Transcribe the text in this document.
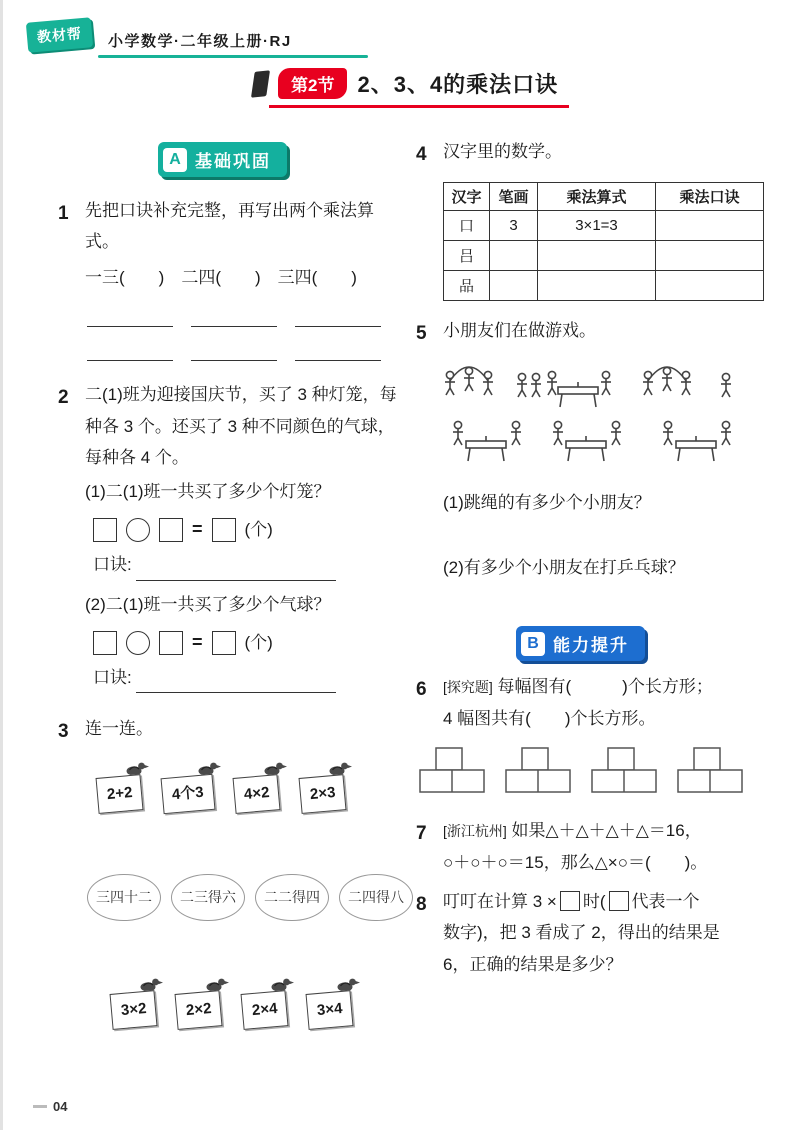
教材帮	小学数学·二年级上册·RJ
第2节	2、3、4的乘法口诀
A 基础巩固
1 先把口诀补充完整，再写出两个乘法算式。
一三(　　)　二四(　　)　三四(　　)
2 二(1)班为迎接国庆节，买了 3 种灯笼，每种各 3 个。还买了 3 种不同颜色的气球，每种各 4 个。
(1)二(1)班一共买了多少个灯笼？
= (个)
口诀:
(2)二(1)班一共买了多少个气球？
= (个)
口诀:
3 连一连。
2+2	4个3	4×2	2×3
三四十二	二三得六	二二得四	二四得八
3×2	2×2	2×4	3×4
4 汉字里的数学。
汉字	笔画	乘法算式	乘法口诀
口	3	3×1=3	
吕			
品			
5 小朋友们在做游戏。
(1)跳绳的有多少个小朋友？
(2)有多少个小朋友在打乒乓球？
B 能力提升
6	[探究题] 每幅图有(　　　)个长方形；
4 幅图共有(　　)个长方形。
7	[浙江杭州] 如果△＋△＋△＋△＝16，
○＋○＋○＝15，那么△×○＝(　　)。
8 叮叮在计算 3 × 时( 代表一个
数字)，把 3 看成了 2，得出的结果是
6，正确的结果是多少？
04
